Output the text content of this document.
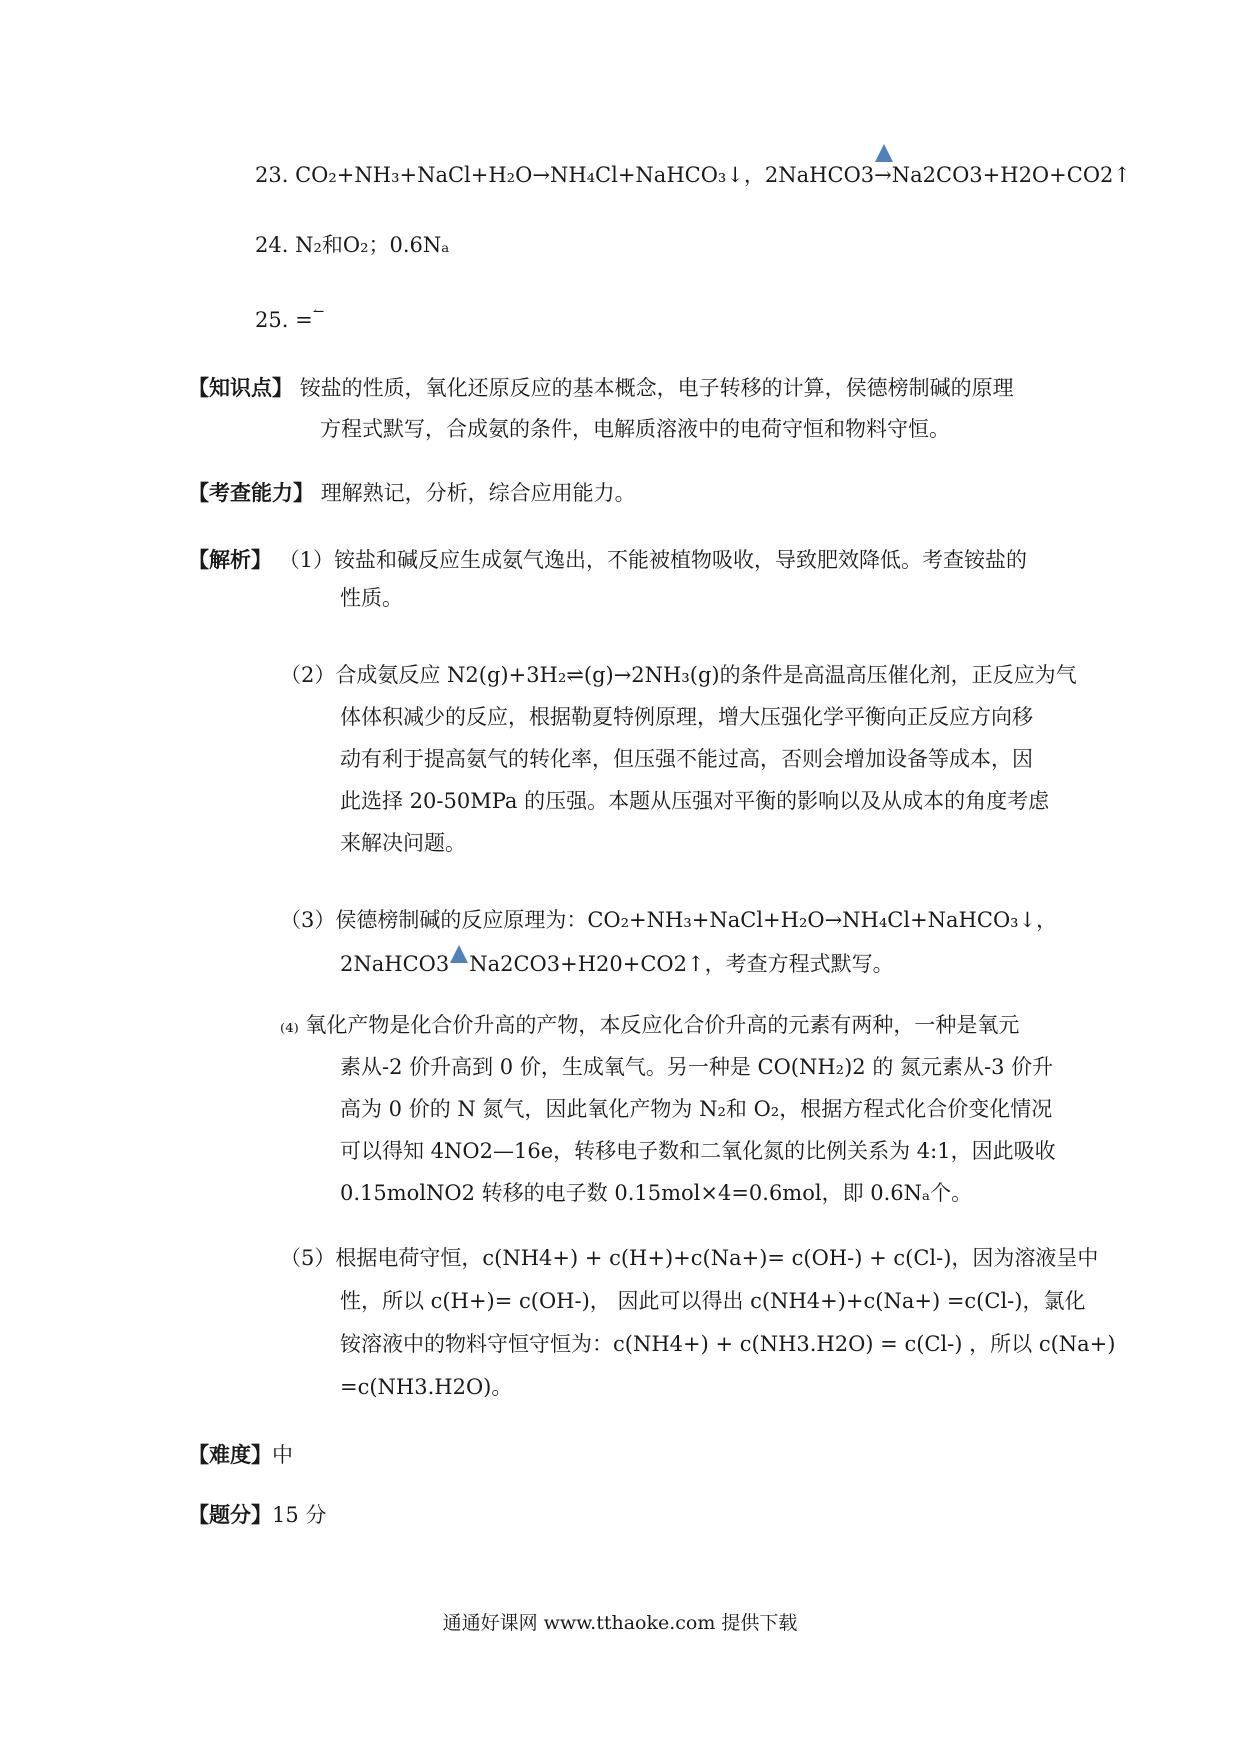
23. CO₂+NH₃+NaCl+H₂O→NH₄Cl+NaHCO₃↓，2NaHCO3
→Na2CO3+H2O+CO2↑
24. N₂和O₂；0.6Nₐ
25. =↼
【知识点】 铵盐的性质，氧化还原反应的基本概念，电子转移的计算，侯德榜制碱的原理
方程式默写，合成氨的条件，电解质溶液中的电荷守恒和物料守恒。
【考查能力】 理解熟记，分析，综合应用能力。
【解析】 （1）铵盐和碱反应生成氨气逸出，不能被植物吸收，导致肥效降低。考查铵盐的
性质。
（2）合成氨反应 N2(g)+3H₂⇌(g)→2NH₃(g)的条件是高温高压催化剂，正反应为气
体体积减少的反应，根据勒夏特例原理，增大压强化学平衡向正反应方向移
动有利于提高氨气的转化率，但压强不能过高，否则会增加设备等成本，因
此选择 20-50MPa 的压强。本题从压强对平衡的影响以及从成本的角度考虑
来解决问题。
（3）侯德榜制碱的反应原理为：CO₂+NH₃+NaCl+H₂O→NH₄Cl+NaHCO₃↓，
2NaHCO3 Na2CO3+H20+CO2↑，考查方程式默写。
₍₄₎ 氧化产物是化合价升高的产物，本反应化合价升高的元素有两种，一种是氧元
素从-2 价升高到 0 价，生成氧气。另一种是 CO(NH₂)2 的 氮元素从-3 价升
高为 0 价的 N 氮气，因此氧化产物为 N₂和 O₂，根据方程式化合价变化情况
可以得知 4NO2—16e，转移电子数和二氧化氮的比例关系为 4:1，因此吸收
0.15molNO2 转移的电子数 0.15mol×4=0.6mol，即 0.6Nₐ个。
（5）根据电荷守恒，c(NH4+) + c(H+)+c(Na+)= c(OH-) + c(Cl-)，因为溶液呈中
性，所以 c(H+)= c(OH-)， 因此可以得出 c(NH4+)+c(Na+) =c(Cl-)，氯化
铵溶液中的物料守恒守恒为：c(NH4+) + c(NH3.H2O) = c(Cl-) ，所以 c(Na+)
=c(NH3.H2O)。
【难度】中
【题分】15 分
通通好课网 www.tthaoke.com 提供下载
